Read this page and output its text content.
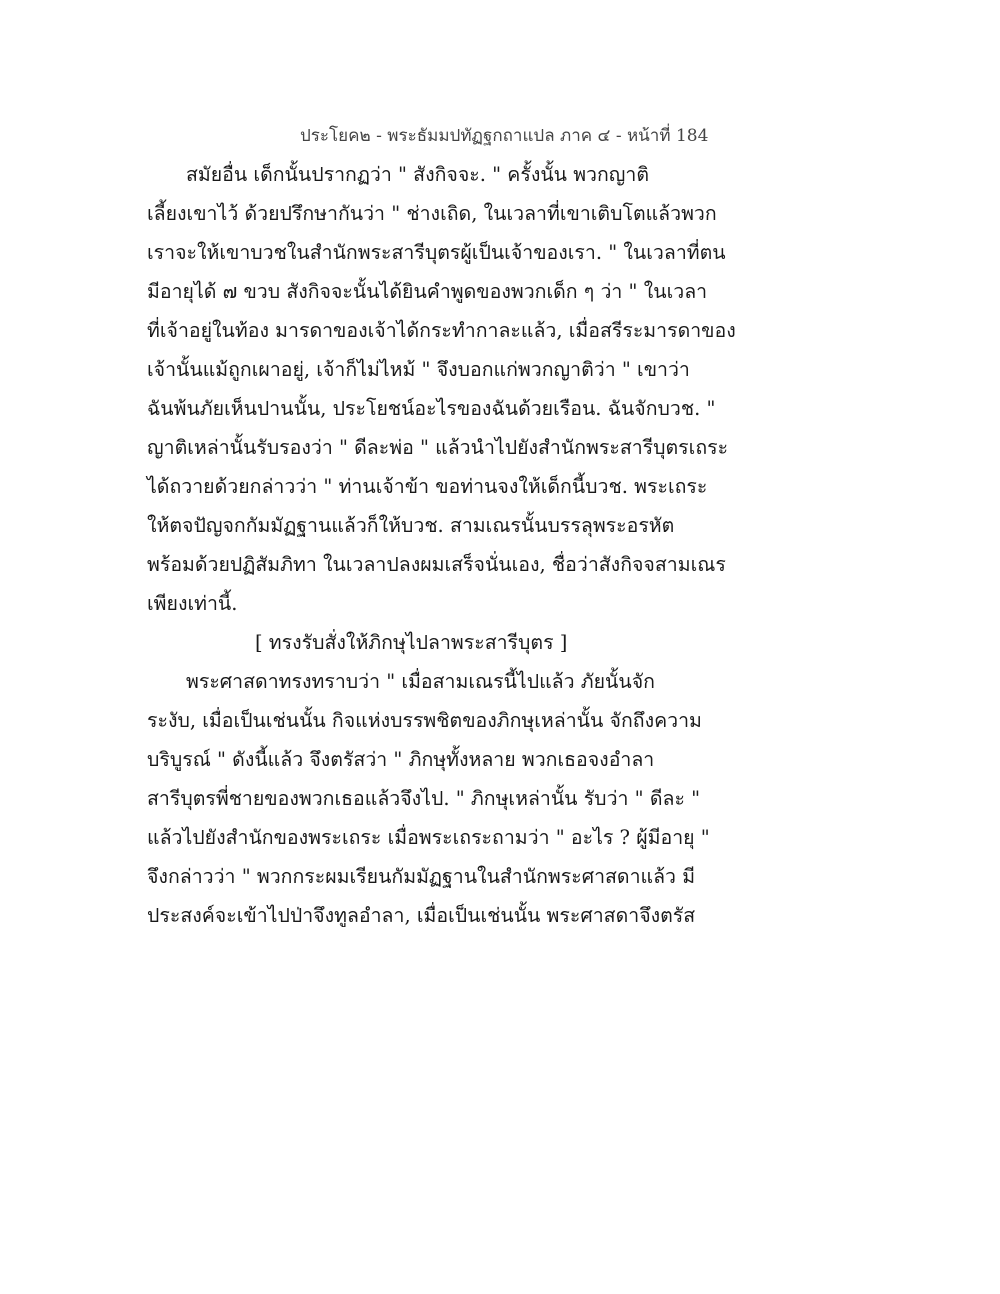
ประโยค๒ - พระธัมมปทัฏฐกถาแปล ภาค ๔ - หน้าที่ 184
สมัยอื่น เด็กนั้นปรากฏว่า " สังกิจจะ. " ครั้งนั้น พวกญาติ
เลี้ยงเขาไว้ ด้วยปรึกษากันว่า " ช่างเถิด, ในเวลาที่เขาเติบโตแล้วพวก
เราจะให้เขาบวชในสำนักพระสารีบุตรผู้เป็นเจ้าของเรา. " ในเวลาที่ตน
มีอายุได้ ๗ ขวบ สังกิจจะนั้นได้ยินคำพูดของพวกเด็ก ๆ ว่า " ในเวลา
ที่เจ้าอยู่ในท้อง มารดาของเจ้าได้กระทำกาละแล้ว, เมื่อสรีระมารดาของ
เจ้านั้นแม้ถูกเผาอยู่, เจ้าก็ไม่ไหม้ " จึงบอกแก่พวกญาติว่า " เขาว่า
ฉันพ้นภัยเห็นปานนั้น, ประโยชน์อะไรของฉันด้วยเรือน. ฉันจักบวช. "
ญาติเหล่านั้นรับรองว่า " ดีละพ่อ " แล้วนำไปยังสำนักพระสารีบุตรเถระ
ได้ถวายด้วยกล่าวว่า " ท่านเจ้าข้า ขอท่านจงให้เด็กนี้บวช. พระเถระ
ให้ตจปัญจกกัมมัฏฐานแล้วก็ให้บวช. สามเณรนั้นบรรลุพระอรหัต
พร้อมด้วยปฏิสัมภิทา ในเวลาปลงผมเสร็จนั่นเอง, ชื่อว่าสังกิจจสามเณร
เพียงเท่านี้.
[ ทรงรับสั่งให้ภิกษุไปลาพระสารีบุตร ]
พระศาสดาทรงทราบว่า " เมื่อสามเณรนี้ไปแล้ว ภัยนั้นจัก
ระงับ, เมื่อเป็นเช่นนั้น กิจแห่งบรรพชิตของภิกษุเหล่านั้น จักถึงความ
บริบูรณ์ " ดังนี้แล้ว จึงตรัสว่า " ภิกษุทั้งหลาย พวกเธอจงอำลา
สารีบุตรพี่ชายของพวกเธอแล้วจึงไป. " ภิกษุเหล่านั้น รับว่า " ดีละ "
แล้วไปยังสำนักของพระเถระ เมื่อพระเถระถามว่า " อะไร ? ผู้มีอายุ "
จึงกล่าวว่า " พวกกระผมเรียนกัมมัฏฐานในสำนักพระศาสดาแล้ว มี
ประสงค์จะเข้าไปป่าจึงทูลอำลา, เมื่อเป็นเช่นนั้น พระศาสดาจึงตรัส
